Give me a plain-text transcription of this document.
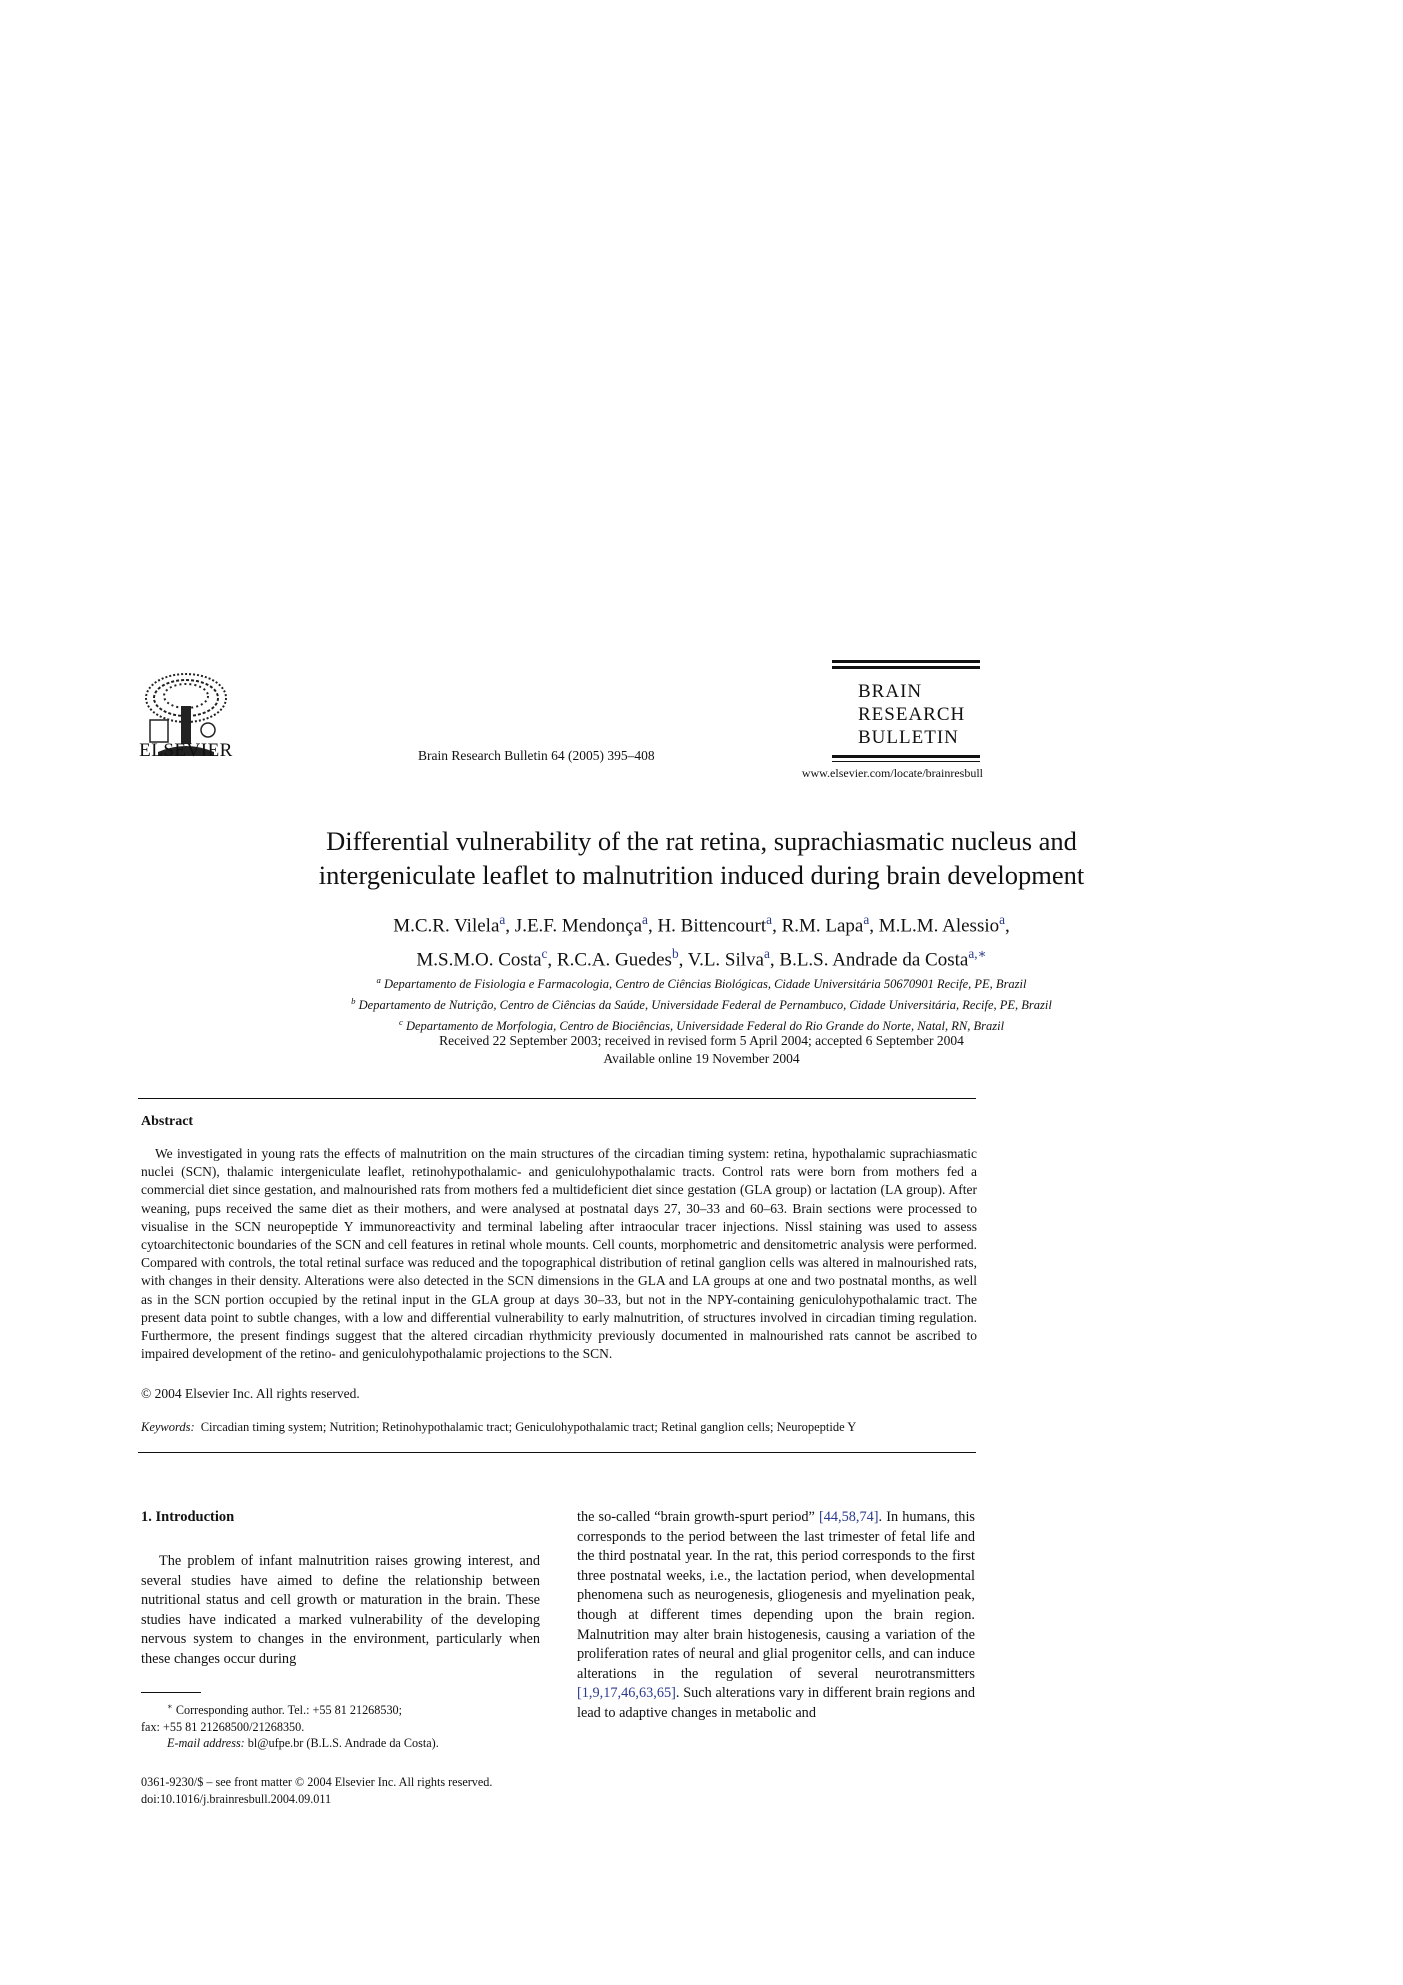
ELSEVIER	Brain Research Bulletin 64 (2005) 395–408
BRAIN
RESEARCH
BULLETIN
www.elsevier.com/locate/brainresbull
Differential vulnerability of the rat retina, suprachiasmatic nucleus and
intergeniculate leaflet to malnutrition induced during brain development
M.C.R. Vilela$^a$, J.E.F. Mendonça$^a$, H. Bittencourt$^a$, R.M. Lapa$^a$, M.L.M. Alessio$^a$,
M.S.M.O. Costa$^c$, R.C.A. Guedes$^b$, V.L. Silva$^a$, B.L.S. Andrade da Costa$^{a,∗}$
$^a$ Departamento de Fisiologia e Farmacologia, Centro de Ciências Biológicas, Cidade Universitária 50670901 Recife, PE, Brazil
$^b$ Departamento de Nutrição, Centro de Ciências da Saúde, Universidade Federal de Pernambuco, Cidade Universitária, Recife, PE, Brazil
$^c$ Departamento de Morfologia, Centro de Biociências, Universidade Federal do Rio Grande do Norte, Natal, RN, Brazil
Received 22 September 2003; received in revised form 5 April 2004; accepted 6 September 2004
Available online 19 November 2004
Abstract
We investigated in young rats the effects of malnutrition on the main structures of the circadian timing system: retina, hypothalamic suprachiasmatic nuclei (SCN), thalamic intergeniculate leaflet, retinohypothalamic- and geniculohypothalamic tracts. Control rats were born from mothers fed a commercial diet since gestation, and malnourished rats from mothers fed a multideficient diet since gestation (GLA group) or lactation (LA group). After weaning, pups received the same diet as their mothers, and were analysed at postnatal days 27, 30–33 and 60–63. Brain sections were processed to visualise in the SCN neuropeptide Y immunoreactivity and terminal labeling after intraocular tracer injections. Nissl staining was used to assess cytoarchitectonic boundaries of the SCN and cell features in retinal whole mounts. Cell counts, morphometric and densitometric analysis were performed. Compared with controls, the total retinal surface was reduced and the topographical distribution of retinal ganglion cells was altered in malnourished rats, with changes in their density. Alterations were also detected in the SCN dimensions in the GLA and LA groups at one and two postnatal months, as well as in the SCN portion occupied by the retinal input in the GLA group at days 30–33, but not in the NPY-containing geniculohypothalamic tract. The present data point to subtle changes, with a low and differential vulnerability to early malnutrition, of structures involved in circadian timing regulation. Furthermore, the present findings suggest that the altered circadian rhythmicity previously documented in malnourished rats cannot be ascribed to impaired development of the retino- and geniculohypothalamic projections to the SCN.
© 2004 Elsevier Inc. All rights reserved.
Keywords: Circadian timing system; Nutrition; Retinohypothalamic tract; Geniculohypothalamic tract; Retinal ganglion cells; Neuropeptide Y
1. Introduction
The problem of infant malnutrition raises growing interest, and several studies have aimed to define the relationship between nutritional status and cell growth or maturation in the brain. These studies have indicated a marked vulnerability of the developing nervous system to changes in the environment, particularly when these changes occur during
the so-called “brain growth-spurt period” [44,58,74]. In humans, this corresponds to the period between the last trimester of fetal life and the third postnatal year. In the rat, this period corresponds to the first three postnatal weeks, i.e., the lactation period, when developmental phenomena such as neurogenesis, gliogenesis and myelination peak, though at different times depending upon the brain region. Malnutrition may alter brain histogenesis, causing a variation of the proliferation rates of neural and glial progenitor cells, and can induce alterations in the regulation of several neurotransmitters [1,9,17,46,63,65]. Such alterations vary in different brain regions and lead to adaptive changes in metabolic and
∗ Corresponding author. Tel.: +55 81 21268530;
fax: +55 81 21268500/21268350.
E-mail address: bl@ufpe.br (B.L.S. Andrade da Costa).
0361-9230/$ – see front matter © 2004 Elsevier Inc. All rights reserved.
doi:10.1016/j.brainresbull.2004.09.011
